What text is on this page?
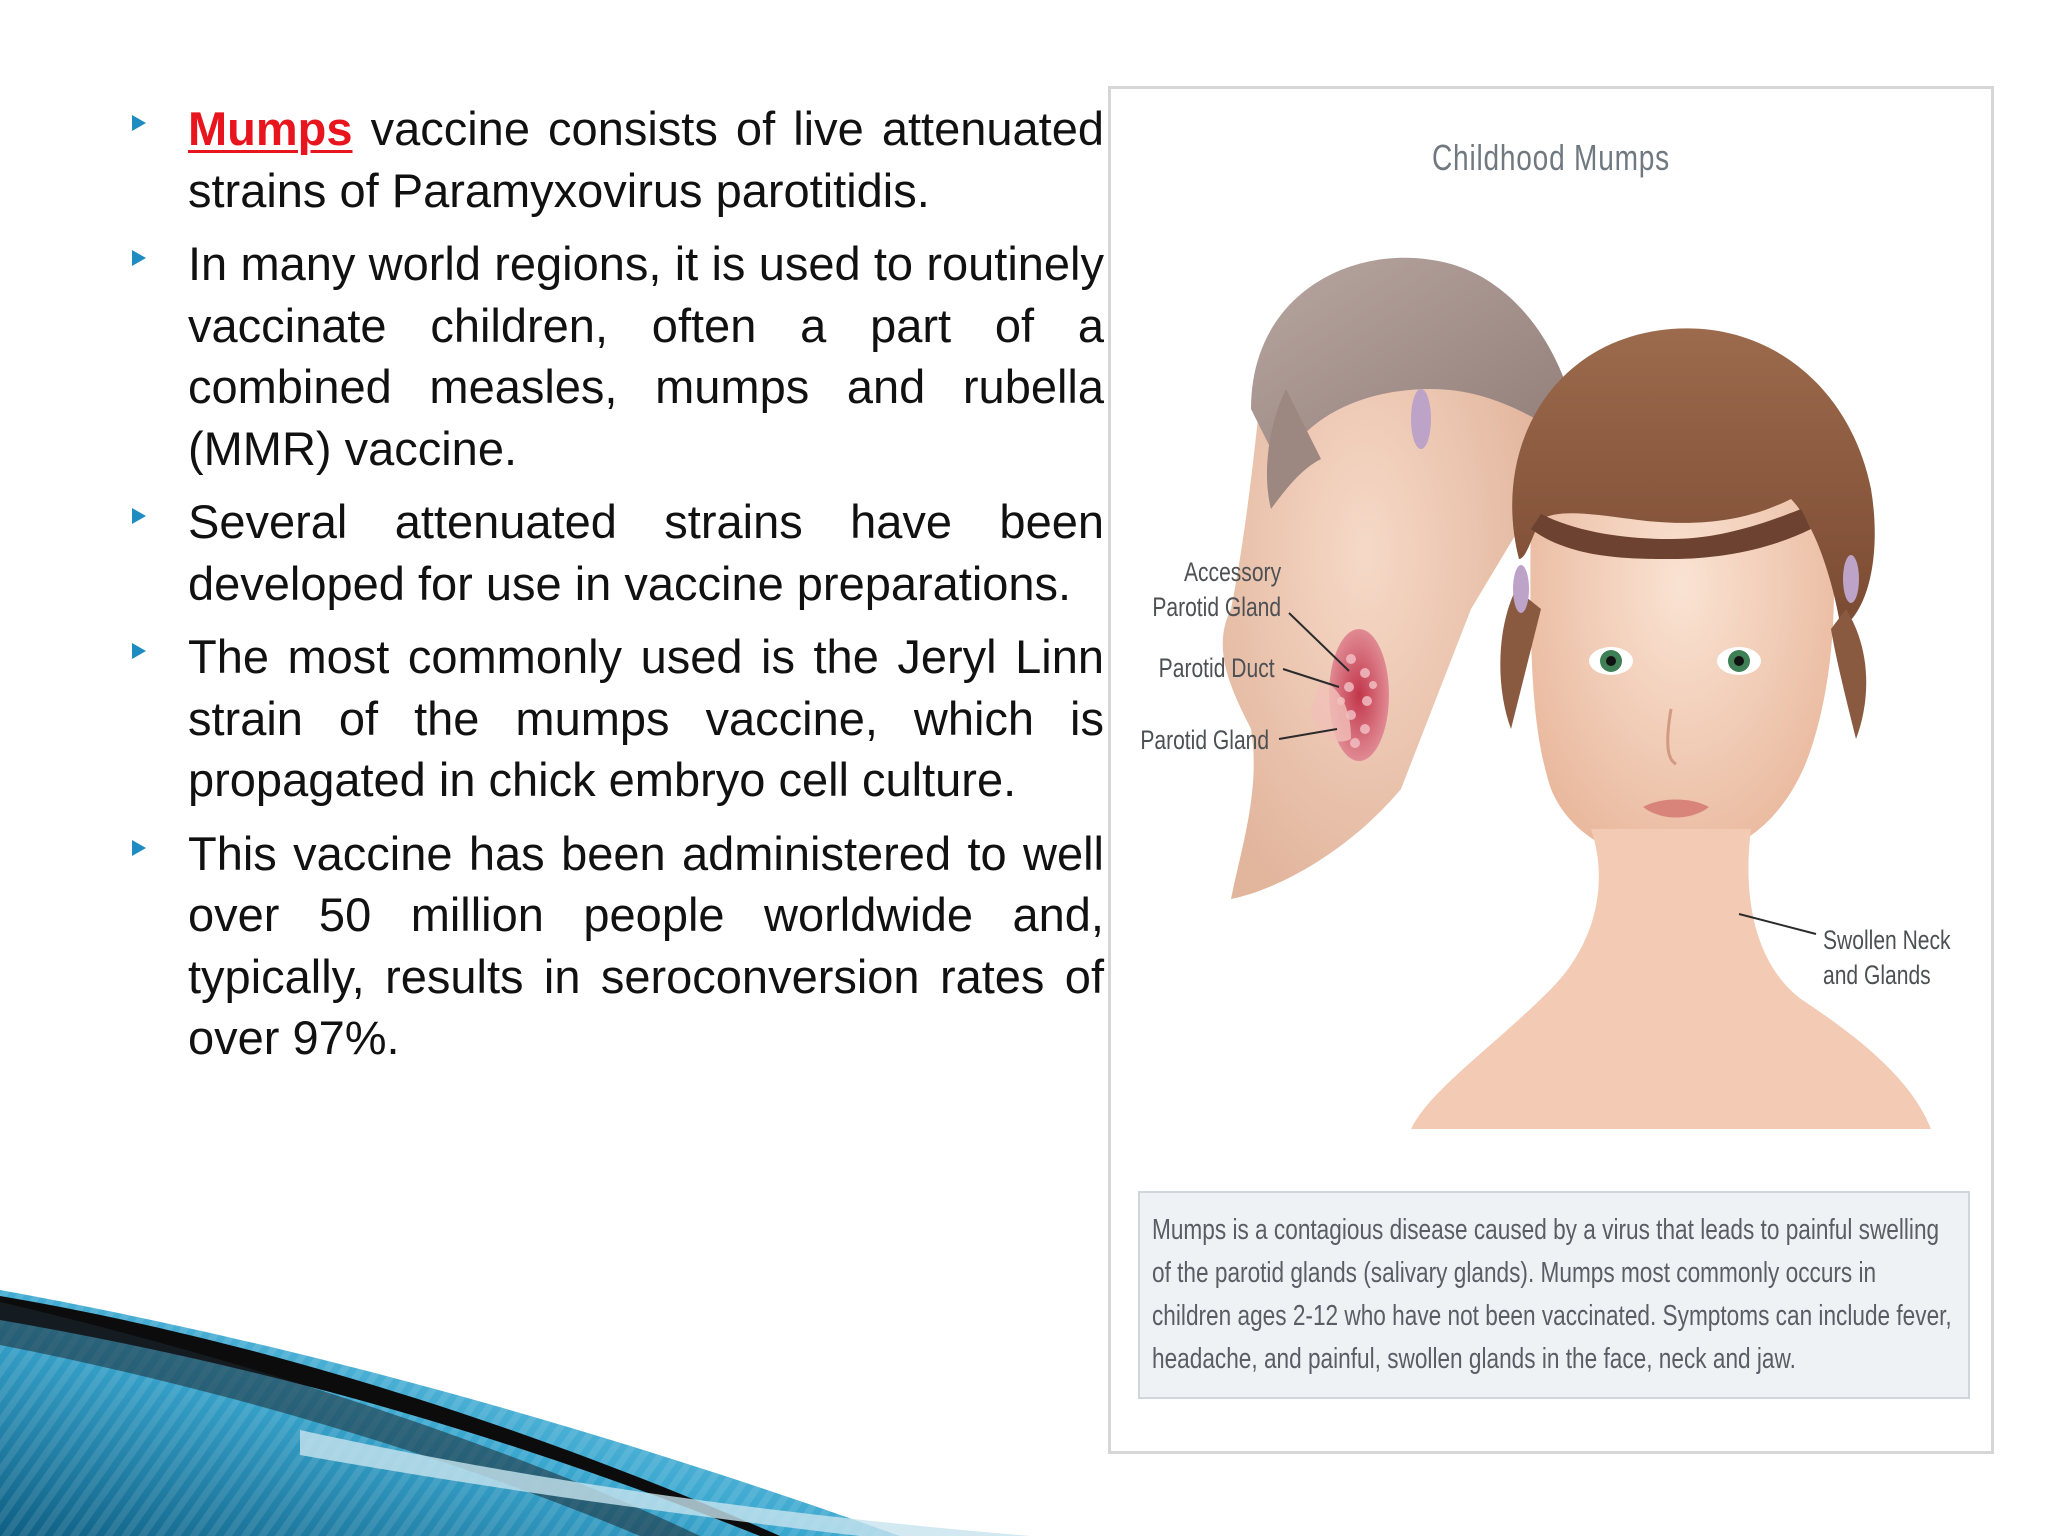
Mumps vaccine consists of live attenuated strains of Paramyxovirus parotitidis.
In many world regions, it is used to routinely vaccinate children, often a part of a combined measles, mumps and rubella (MMR) vaccine.
Several attenuated strains have been developed for use in vaccine preparations.
The most commonly used is the Jeryl Linn strain of the mumps vaccine, which is propagated in chick embryo cell culture.
This vaccine has been administered to well over 50 million people worldwide and, typically, results in seroconversion rates of over 97%.
Childhood Mumps
Accessory
Parotid Gland
Parotid Duct
Parotid Gland
Swollen Neck
and Glands
Mumps is a contagious disease caused by a virus that leads to painful swelling of the parotid glands (salivary glands). Mumps most commonly occurs in children ages 2-12 who have not been vaccinated. Symptoms can include fever, headache, and painful, swollen glands in the face, neck and jaw.
